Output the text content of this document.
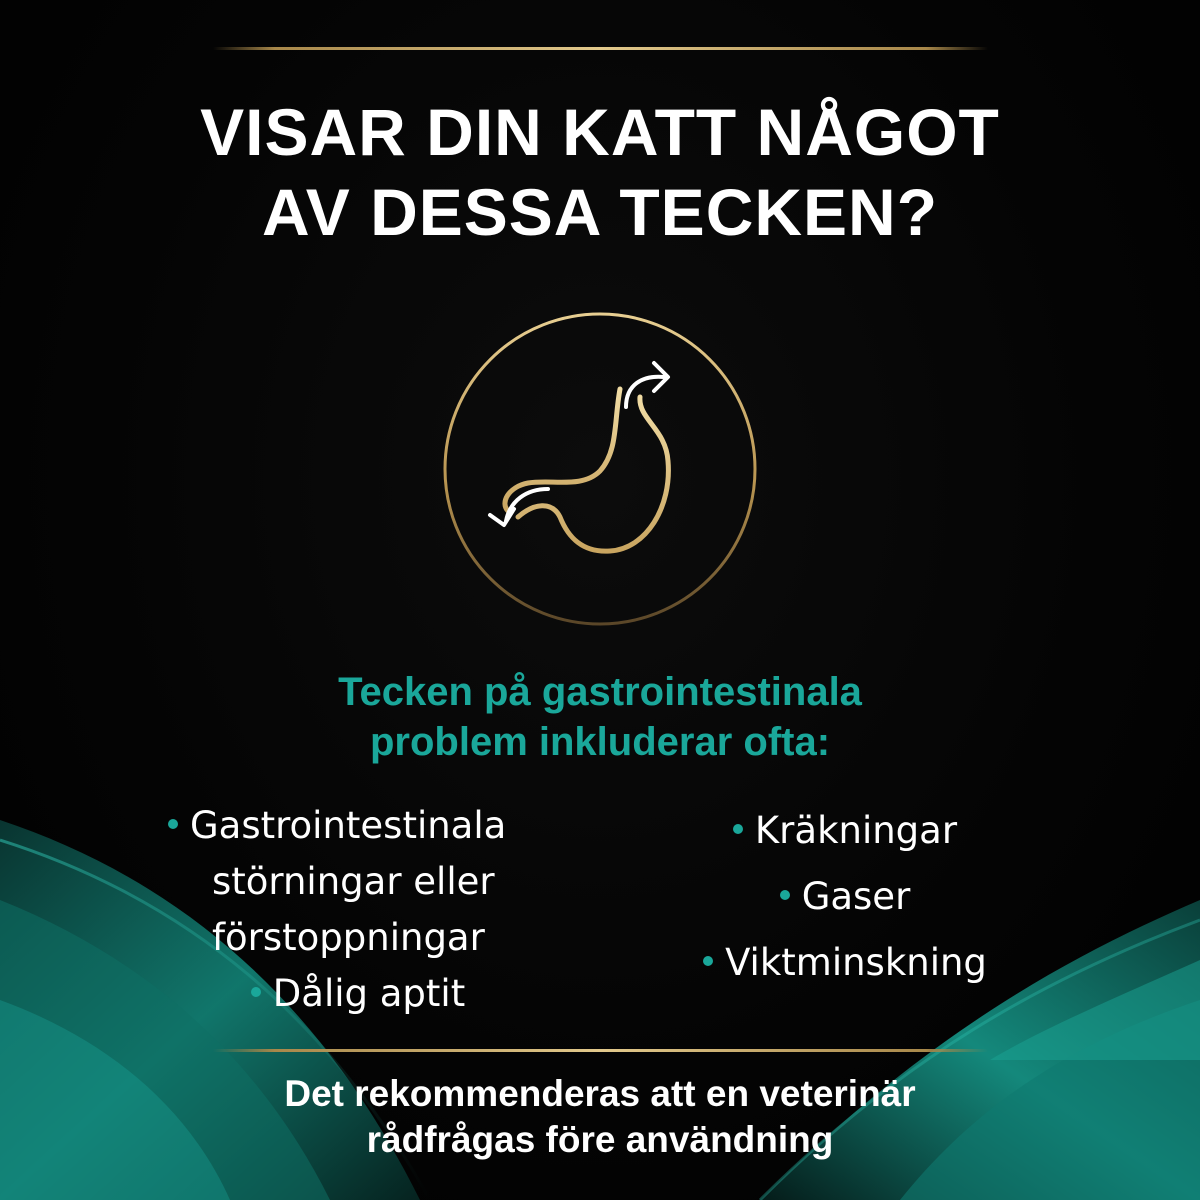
VISAR DIN KATT NÅGOT
AV DESSA TECKEN?
Tecken på gastrointestinala
problem inkluderar ofta:
Gastrointestinala
störningar eller
förstoppningar
Dålig aptit
Kräkningar
Gaser
Viktminskning

Det rekommenderas att en veterinär
rådfrågas före användning
